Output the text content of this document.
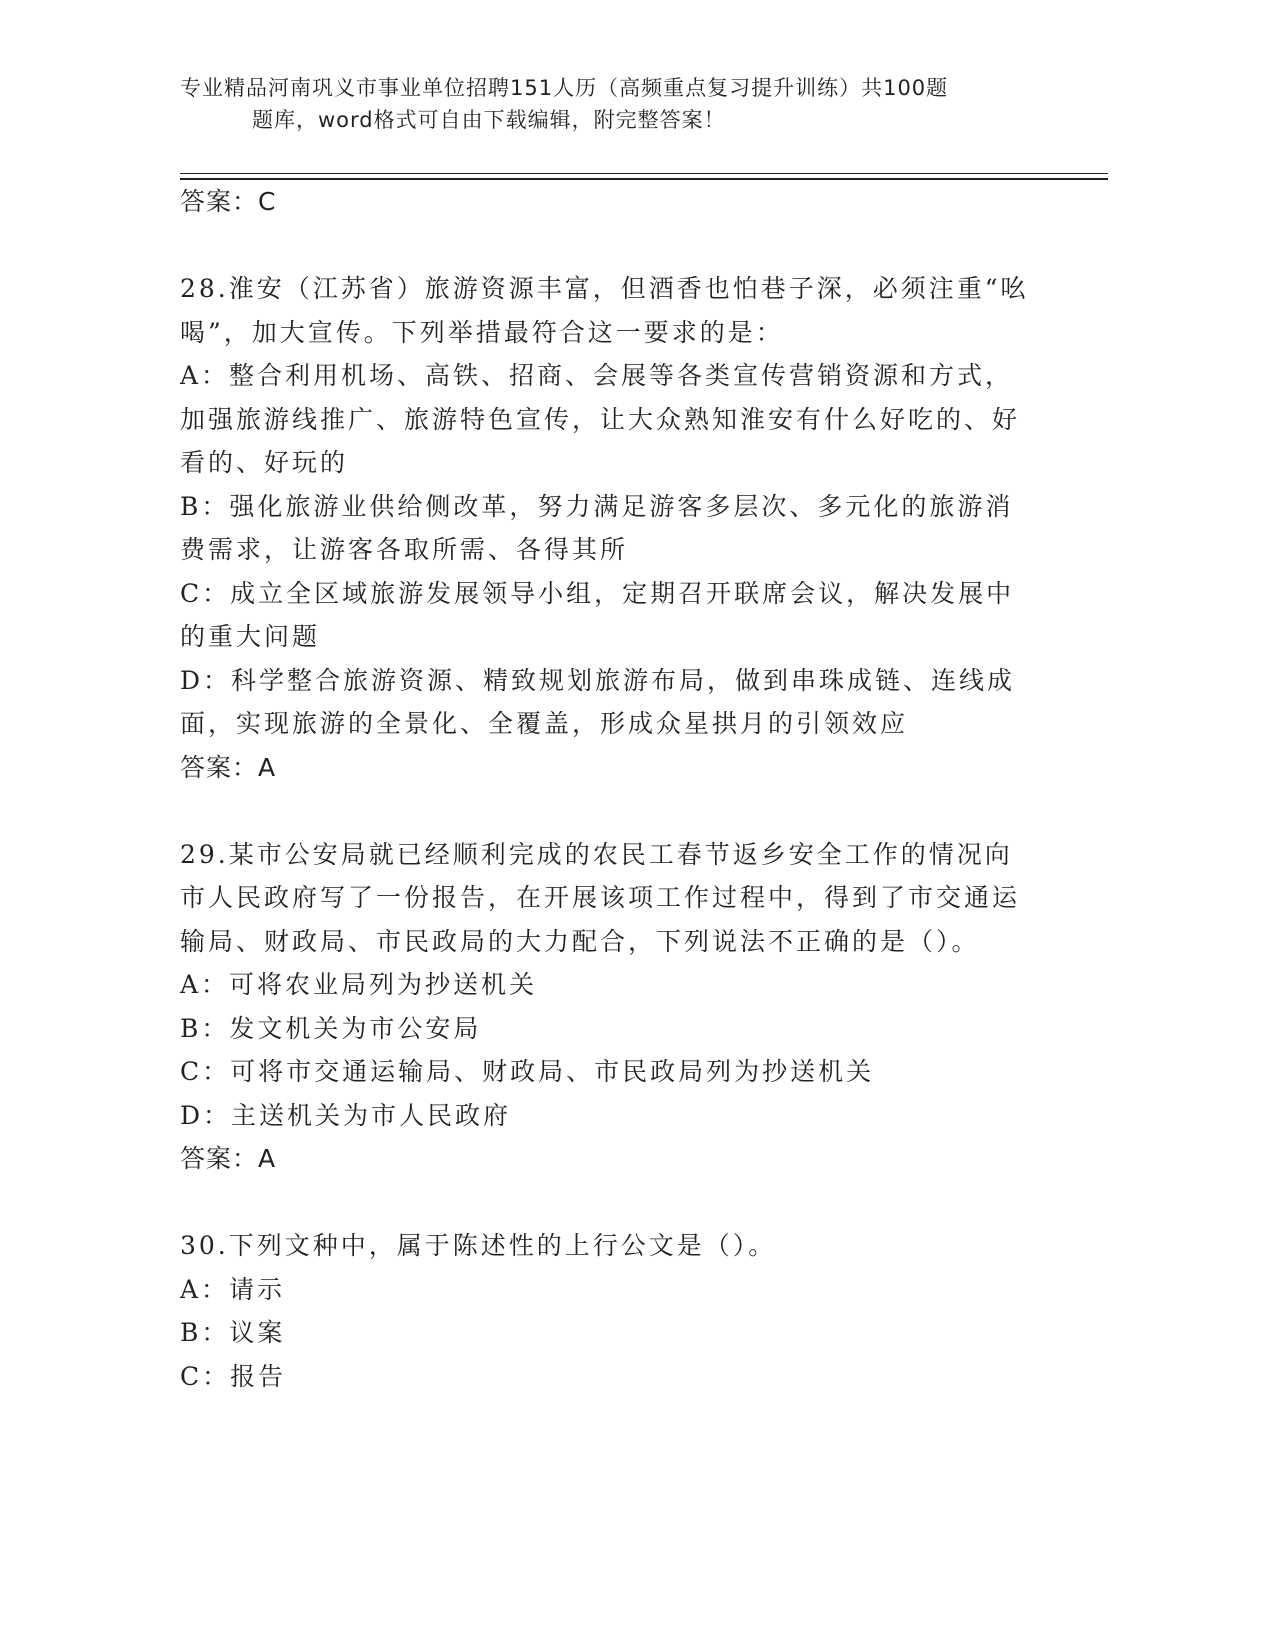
专业精品河南巩义市事业单位招聘151人历（高频重点复习提升训练）共100题
题库，word格式可自由下载编辑，附完整答案！

答案：C

28.淮安（江苏省）旅游资源丰富，但酒香也怕巷子深，必须注重“吆喝”，加大宣传。下列举措最符合这一要求的是：

A：整合利用机场、高铁、招商、会展等各类宣传营销资源和方式，加强旅游线推广、旅游特色宣传，让大众熟知淮安有什么好吃的、好看的、好玩的

B：强化旅游业供给侧改革，努力满足游客多层次、多元化的旅游消费需求，让游客各取所需、各得其所

C：成立全区域旅游发展领导小组，定期召开联席会议，解决发展中的重大问题

D：科学整合旅游资源、精致规划旅游布局，做到串珠成链、连线成面，实现旅游的全景化、全覆盖，形成众星拱月的引领效应

答案：A

29.某市公安局就已经顺利完成的农民工春节返乡安全工作的情况向市人民政府写了一份报告，在开展该项工作过程中，得到了市交通运输局、财政局、市民政局的大力配合，下列说法不正确的是（）。

A：可将农业局列为抄送机关

B：发文机关为市公安局

C：可将市交通运输局、财政局、市民政局列为抄送机关

D：主送机关为市人民政府

答案：A

30.下列文种中，属于陈述性的上行公文是（）。

A：请示

B：议案

C：报告
